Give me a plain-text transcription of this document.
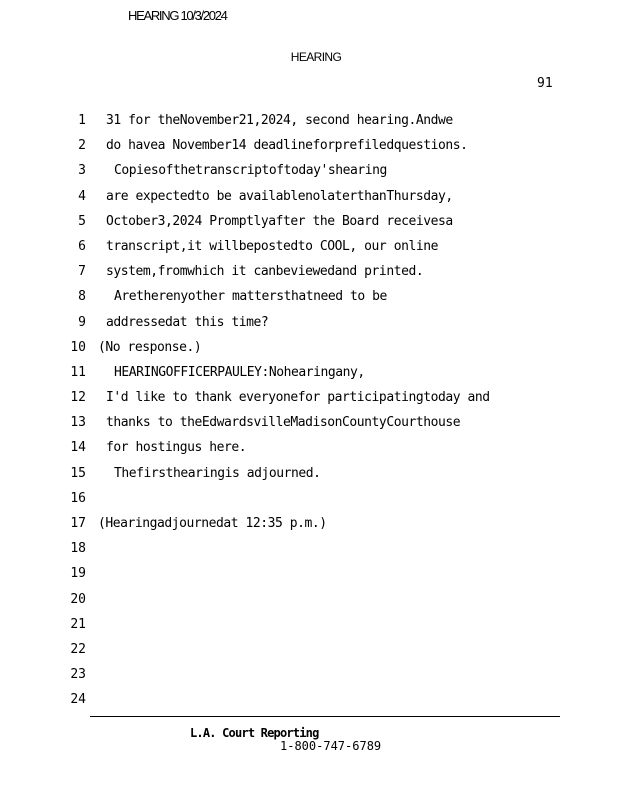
HEARING 10/3/2024
HEARING
91
1 31 for theNovember21,2024, second hearing.Andwe
2 do havea November14 deadlineforprefiledquestions.
3 Copiesofthetranscriptoftoday'shearing
4 are expectedto be availablenolaterthanThursday,
5 October3,2024 Promptlyafter the Board receivesa
6 transcript,it willbepostedto COOL, our online
7 system,fromwhich it canbeviewedand printed.
8 Aretherenyother mattersthatneed to be
9 addressedat this time?
10 (No response.)
11 HEARINGOFFICERPAULEY:Nohearingany,
12 I'd like to thank everyonefor participatingtoday and
13 thanks to theEdwardsvilleMadisonCountyCourthouse
14 for hostingus here.
15 Thefirsthearingis adjourned.
16
17 (Hearingadjournedat 12:35 p.m.)
18
19
20
21
22
23
24
L.A. Court Reporting
1-800-747-6789
